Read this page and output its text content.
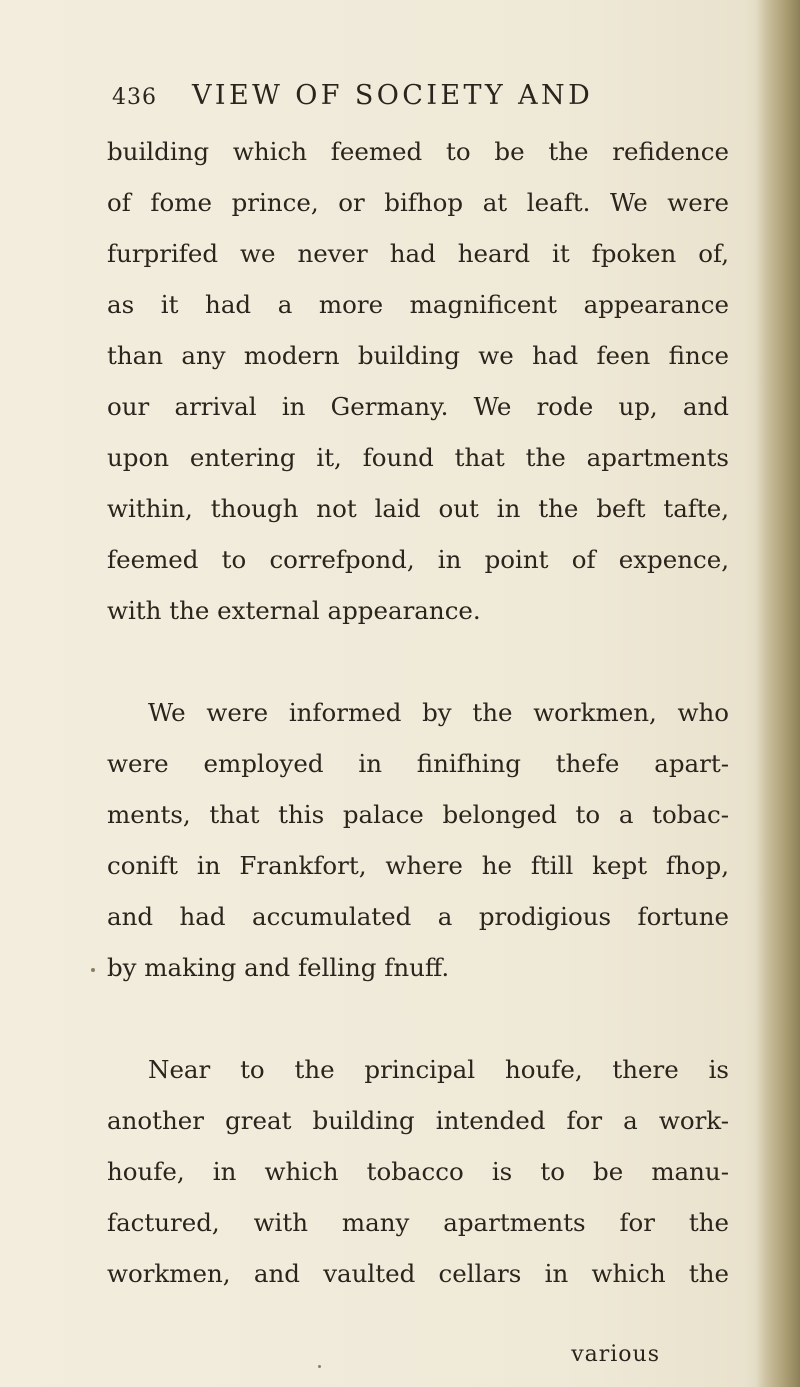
436	VIEW OF SOCIETY AND
building which feemed to be the refidence
of fome prince, or bifhop at leaft. We were
furprifed we never had heard it fpoken of,
as it had a more magnificent appearance
than any modern building we had feen fince
our arrival in Germany. We rode up, and
upon entering it, found that the apartments
within, though not laid out in the beft tafte,
feemed to correfpond, in point of expence,
with the external appearance.
We were informed by the workmen, who
were employed in finifhing thefe apart-
ments, that this palace belonged to a tobac-
conift in Frankfort, where he ftill kept fhop,
and had accumulated a prodigious fortune
by making and felling fnuff.
Near to the principal houfe, there is
another great building intended for a work-
houfe, in which tobacco is to be manu-
factured, with many apartments for the
workmen, and vaulted cellars in which the
various
